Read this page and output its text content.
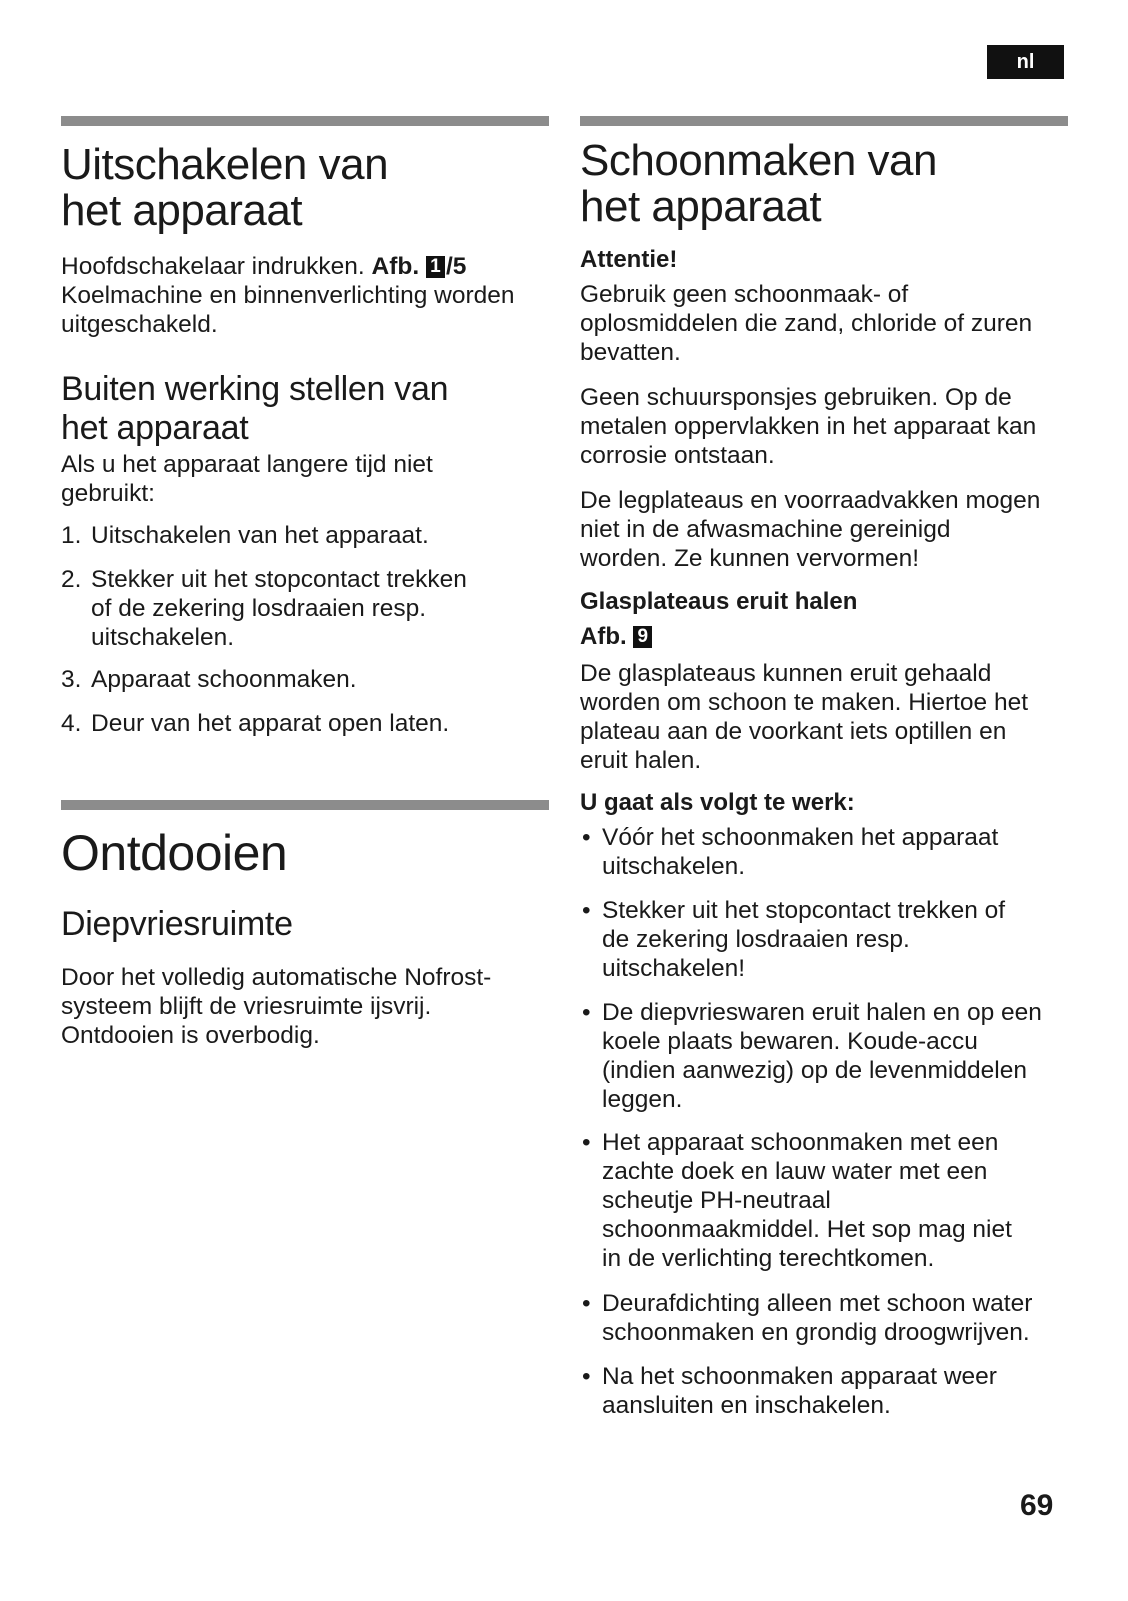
nl
Uitschakelen van
het apparaat

Hoofdschakelaar indrukken. Afb. 1 /5
Koelmachine en binnenverlichting worden
uitgeschakeld.

Buiten werking stellen van
het apparaat

Als u het apparaat langere tijd niet
gebruikt:

1. Uitschakelen van het apparaat.
2. Stekker uit het stopcontact trekken
of de zekering losdraaien resp.
uitschakelen.
3. Apparaat schoonmaken.
4. Deur van het apparat open laten.
Ontdooien
Diepvriesruimte

Door het volledig automatische Nofrost-
systeem blijft de vriesruimte ijsvrij.
Ontdooien is overbodig.

Schoonmaken van
het apparaat
Attentie!

Gebruik geen schoonmaak- of
oplosmiddelen die zand, chloride of zuren
bevatten.

Geen schuursponsjes gebruiken. Op de
metalen oppervlakken in het apparaat kan
corrosie ontstaan.

De legplateaus en voorraadvakken mogen
niet in de afwasmachine gereinigd
worden. Ze kunnen vervormen!

Glasplateaus eruit halen
Afb. 9

De glasplateaus kunnen eruit gehaald
worden om schoon te maken. Hiertoe het
plateau aan de voorkant iets optillen en
eruit halen.

U gaat als volgt te werk:
• Vóór het schoonmaken het apparaat
uitschakelen.
• Stekker uit het stopcontact trekken of
de zekering losdraaien resp.
uitschakelen!
• De diepvrieswaren eruit halen en op een
koele plaats bewaren. Koude-accu
(indien aanwezig) op de levenmiddelen
leggen.
• Het apparaat schoonmaken met een
zachte doek en lauw water met een
scheutje PH-neutraal
schoonmaakmiddel. Het sop mag niet
in de verlichting terechtkomen.
• Deurafdichting alleen met schoon water
schoonmaken en grondig droogwrijven.
• Na het schoonmaken apparaat weer
aansluiten en inschakelen.
69
